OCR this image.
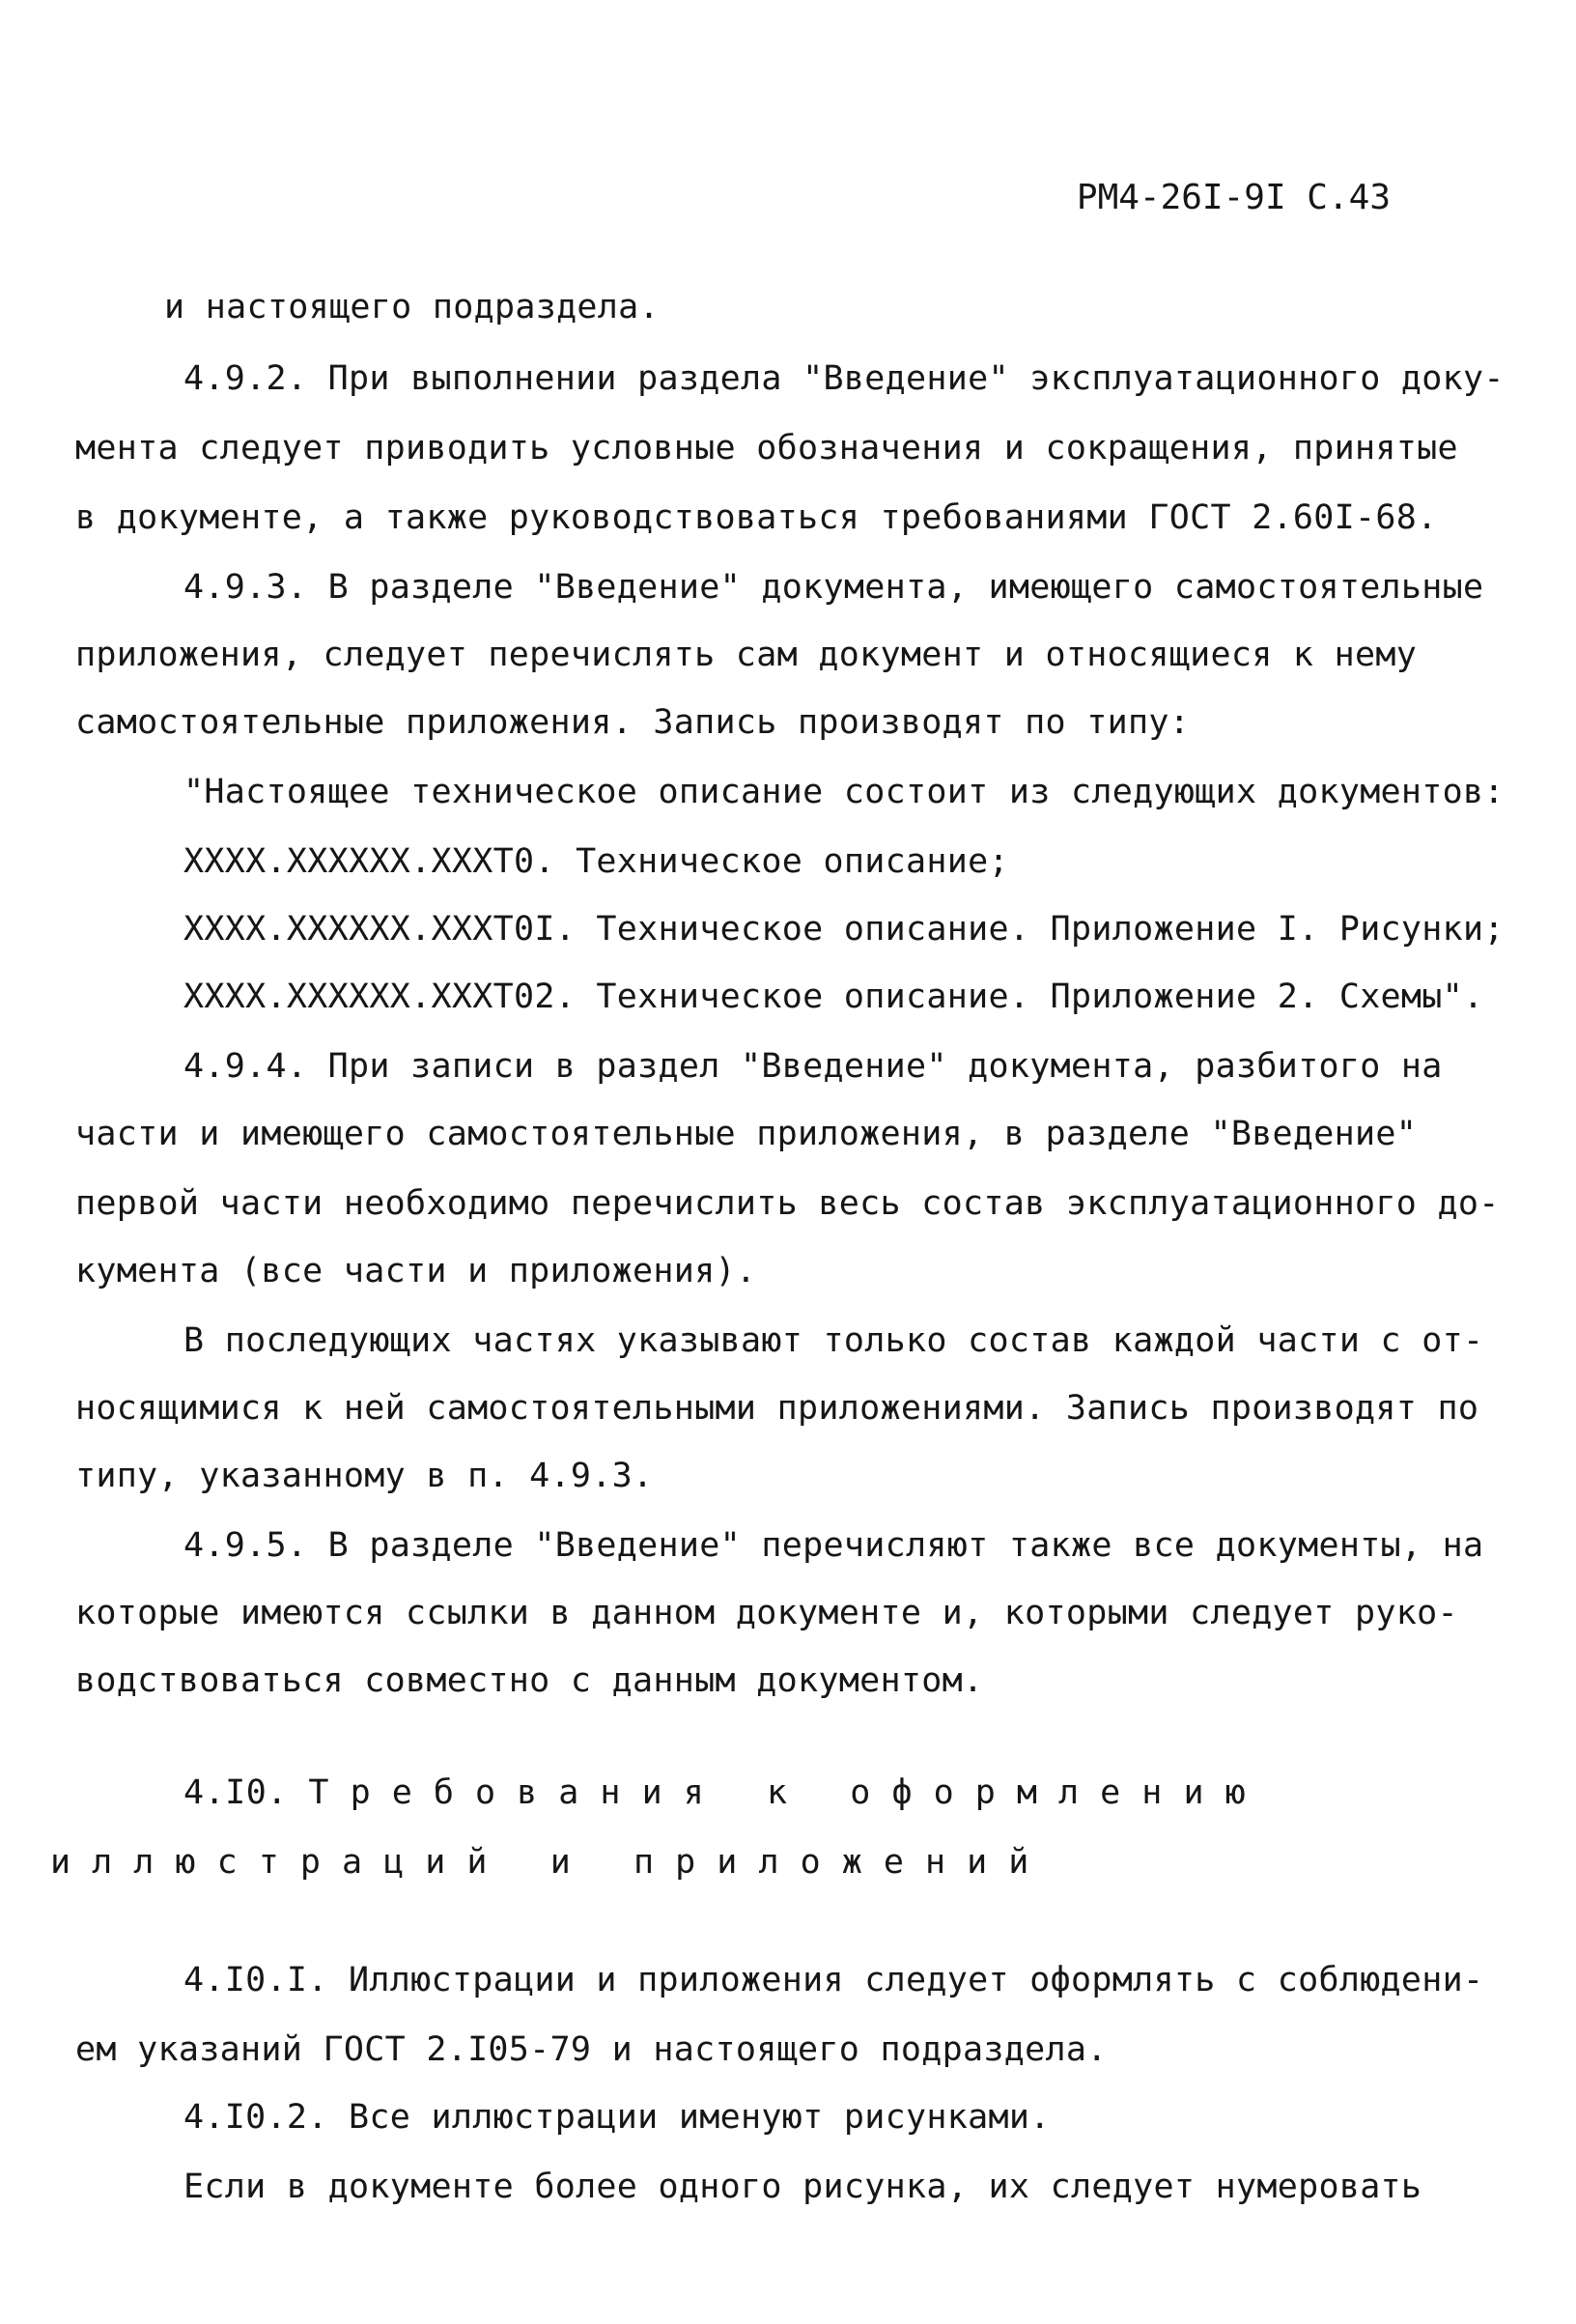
РМ4-26I-9I С.43
и настоящего подраздела.
4.9.2. При выполнении раздела "Введение" эксплуатационного доку-
мента следует приводить условные обозначения и сокращения, принятые
в документе, а также руководствоваться требованиями ГОСТ 2.60I-68.
4.9.3. В разделе "Введение" документа, имеющего самостоятельные
приложения, следует перечислять сам документ и относящиеся к нему
самостоятельные приложения. Запись производят по типу:
"Настоящее техническое описание состоит из следующих документов:
XXXX.XXXXXX.XXXT0. Техническое описание;
XXXX.XXXXXX.XXXT0I. Техническое описание. Приложение I. Рисунки;
XXXX.XXXXXX.XXXT02. Техническое описание. Приложение 2. Схемы".
4.9.4. При записи в раздел "Введение" документа, разбитого на
части и имеющего самостоятельные приложения, в разделе "Введение"
первой части необходимо перечислить весь состав эксплуатационного до-
кумента (все части и приложения).
В последующих частях указывают только состав каждой части с от-
носящимися к ней самостоятельными приложениями. Запись производят по
типу, указанному в п. 4.9.3.
4.9.5. В разделе "Введение" перечисляют также все документы, на
которые имеются ссылки в данном документе и, которыми следует руко-
водствоваться совместно с данным документом.
4.I0. Т р е б о в а н и я   к   о ф о р м л е н и ю
и л л ю с т р а ц и й   и   п р и л о ж е н и й
4.I0.I. Иллюстрации и приложения следует оформлять с соблюдени-
ем указаний ГОСТ 2.I05-79 и настоящего подраздела.
4.I0.2. Все иллюстрации именуют рисунками.
Если в документе более одного рисунка, их следует нумеровать
